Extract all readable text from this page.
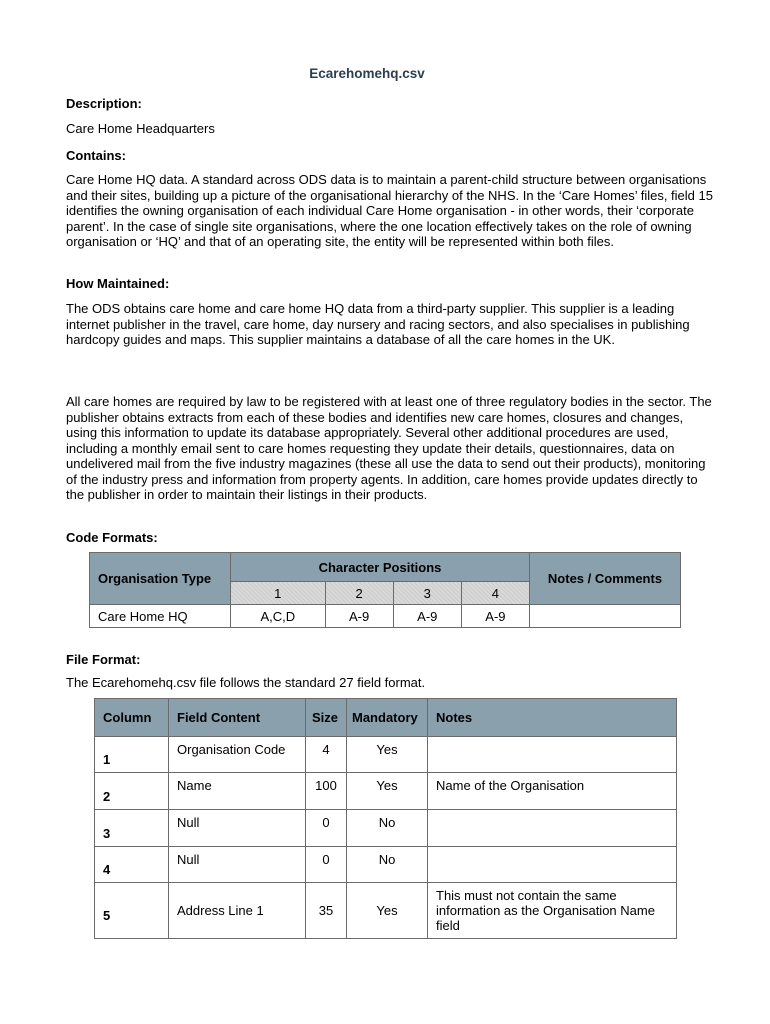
Ecarehomehq.csv
Description:
Care Home Headquarters
Contains:
Care Home HQ data. A standard across ODS data is to maintain a parent-child structure between organisations and their sites, building up a picture of the organisational hierarchy of the NHS. In the ‘Care Homes’ files, field 15 identifies the owning organisation of each individual Care Home organisation - in other words, their ‘corporate parent’. In the case of single site organisations, where the one location effectively takes on the role of owning organisation or ‘HQ’ and that of an operating site, the entity will be represented within both files.
How Maintained:
The ODS obtains care home and care home HQ data from a third-party supplier. This supplier is a leading internet publisher in the travel, care home, day nursery and racing sectors, and also specialises in publishing hardcopy guides and maps. This supplier maintains a database of all the care homes in the UK.
All care homes are required by law to be registered with at least one of three regulatory bodies in the sector. The publisher obtains extracts from each of these bodies and identifies new care homes, closures and changes, using this information to update its database appropriately. Several other additional procedures are used, including a monthly email sent to care homes requesting they update their details, questionnaires, data on undelivered mail from the five industry magazines (these all use the data to send out their products), monitoring of the industry press and information from property agents. In addition, care homes provide updates directly to the publisher in order to maintain their listings in their products.
Code Formats:
Organisation Type	Character Positions				Notes / Comments
	1	2	3	4	
Care Home HQ	A,C,D	A-9	A-9	A-9	
File Format:
The Ecarehomehq.csv file follows the standard 27 field format.
Column	Field Content	Size	Mandatory	Notes
1	Organisation Code	4	Yes	
2	Name	100	Yes	Name of the Organisation
3	Null	0	No	
4	Null	0	No	
5	Address Line 1	35	Yes	This must not contain the same information as the Organisation Name field
